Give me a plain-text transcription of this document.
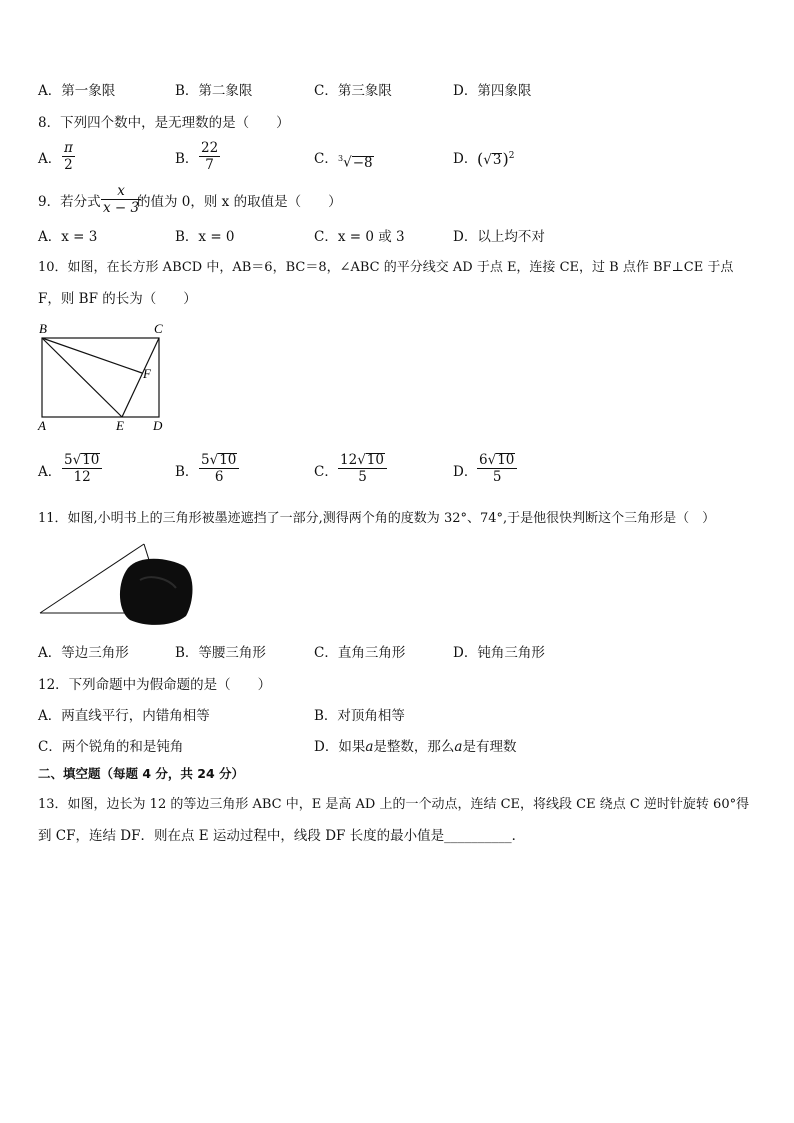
A．第一象限	B．第二象限	C．第三象限	D．第四象限
8．下列四个数中，是无理数的是（　　）
A． $\frac{\pi}{2}$	B． $\frac{22}{7}$	C． $^3$√−8	D． $(√3)^2$
9．若分式 $\frac{x}{x - 3}$
的值为 0，则 x 的取值是（　　）
A．x = 3	B．x = 0	C．x = 0 或 3	D．以上均不对
10．如图，在长方形 ABCD 中，AB＝6，BC＝8，∠ABC 的平分线交 AD 于点 E，连接 CE，过 B 点作 BF⊥CE 于点
F，则 BF 的长为（　　）
B	C
F
A	E D
A． $\frac{5√10}{12}$	B． $\frac{5√10}{6}$	C． $\frac{12√10}{5}$	D． $\frac{6√10}{5}$
11．如图,小明书上的三角形被墨迹遮挡了一部分,测得两个角的度数为 32°、74°,于是他很快判断这个三角形是（　）
A．等边三角形	B．等腰三角形	C．直角三角形	D．钝角三角形
12．下列命题中为假命题的是（　　）
A．两直线平行，内错角相等	B．对顶角相等
C．两个锐角的和是钝角	D．如果a是整数，那么a是有理数
二、填空题（每题 4 分，共 24 分）
13．如图，边长为 12 的等边三角形 ABC 中，E 是高 AD 上的一个动点，连结 CE，将线段 CE 绕点 C 逆时针旋转 60°得
到 CF，连结 DF．则在点 E 运动过程中，线段 DF 长度的最小值是__________．
